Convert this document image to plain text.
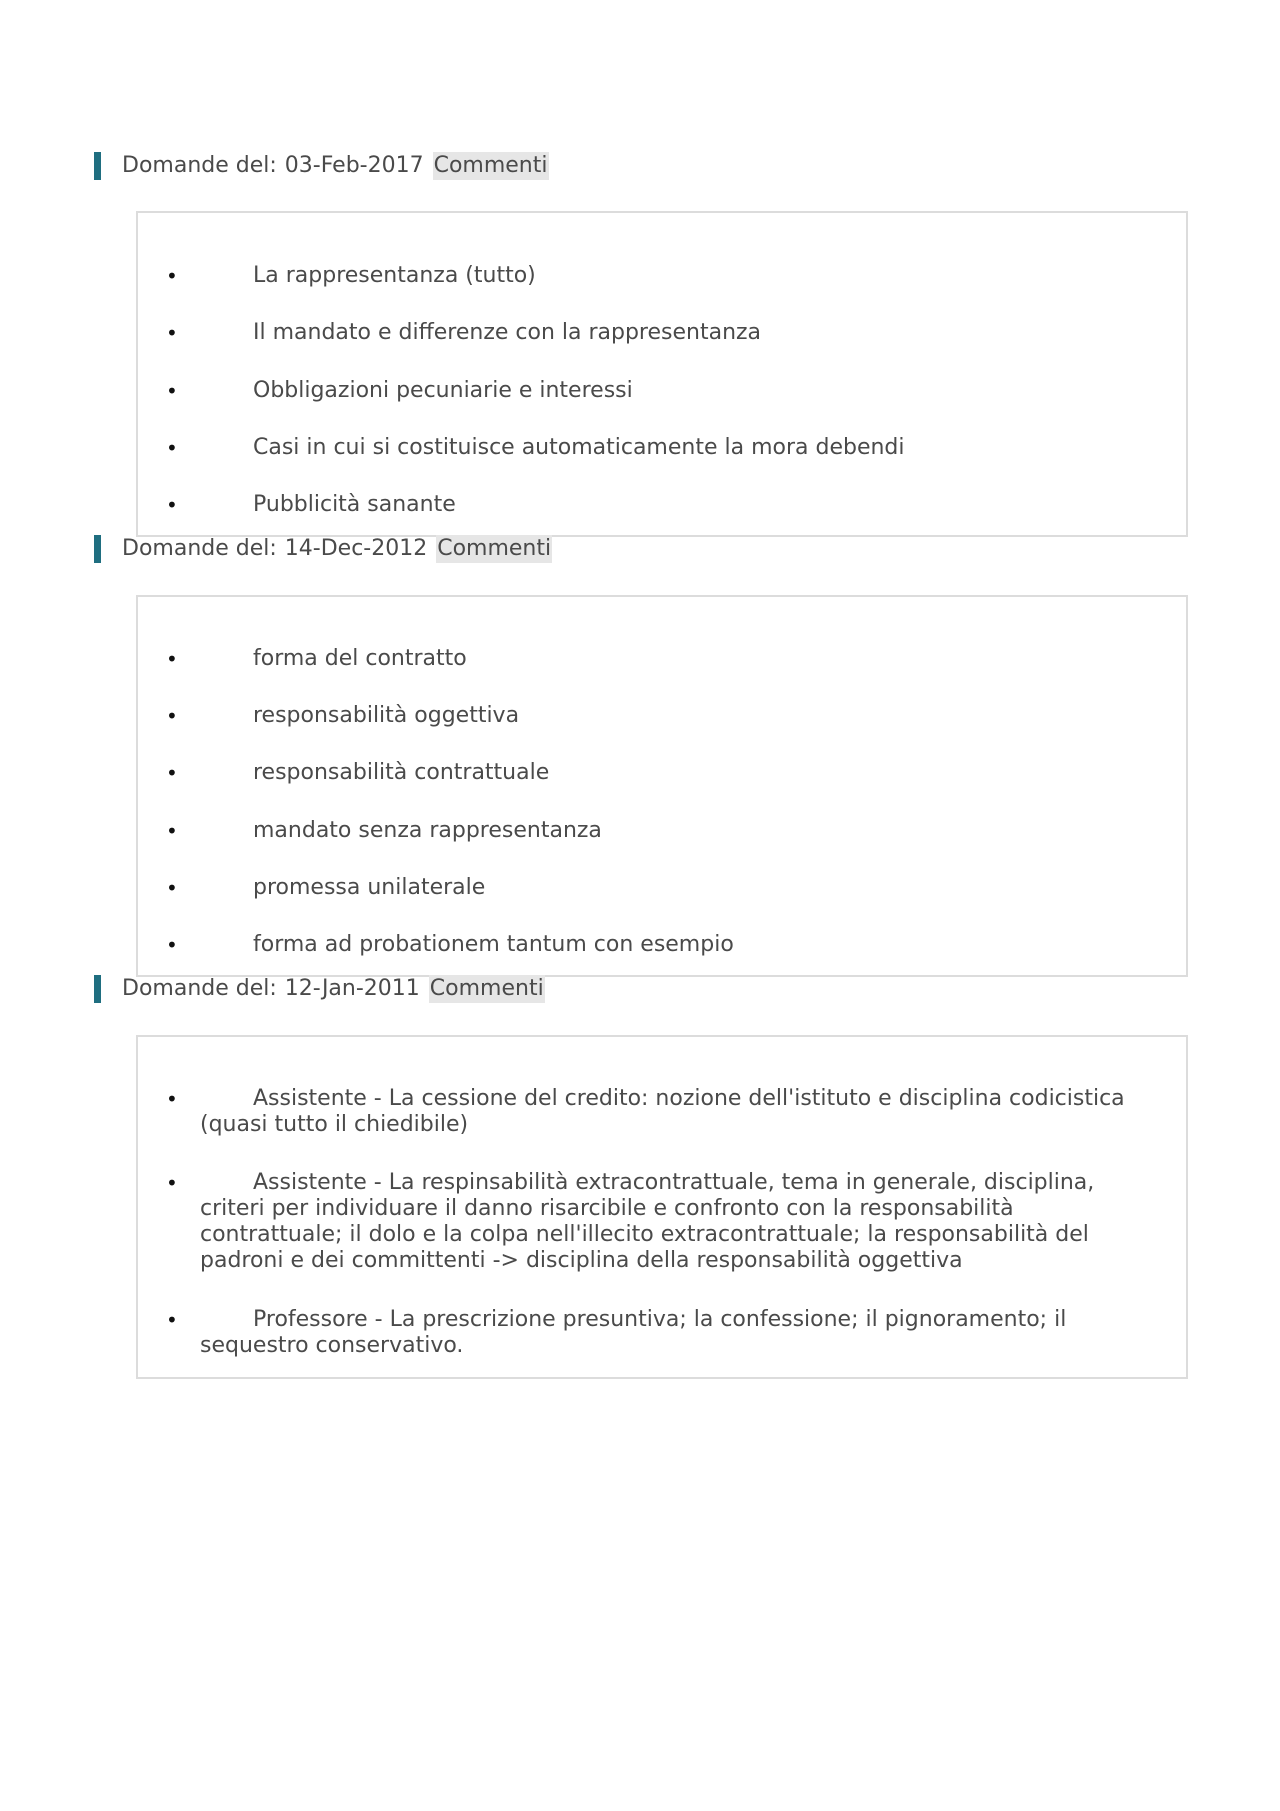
Domande del: 03-Feb-2017 Commenti
•	La rappresentanza (tutto)
•	Il mandato e differenze con la rappresentanza
•	Obbligazioni pecuniarie e interessi
•	Casi in cui si costituisce automaticamente la mora debendi
•	Pubblicità sanante
Domande del: 14-Dec-2012 Commenti
•	forma del contratto
•	responsabilità oggettiva
•	responsabilità contrattuale
•	mandato senza rappresentanza
•	promessa unilaterale
•	forma ad probationem tantum con esempio
Domande del: 12-Jan-2011 Commenti
•	Assistente - La cessione del credito: nozione dell'istituto e disciplina codicistica (quasi tutto il chiedibile)
•	Assistente - La respinsabilità extracontrattuale, tema in generale, disciplina, criteri per individuare il danno risarcibile e confronto con la responsabilità contrattuale; il dolo e la colpa nell'illecito extracontrattuale; la responsabilità del padroni e dei committenti -> disciplina della responsabilità oggettiva
•	Professore - La prescrizione presuntiva; la confessione; il pignoramento; il sequestro conservativo.
